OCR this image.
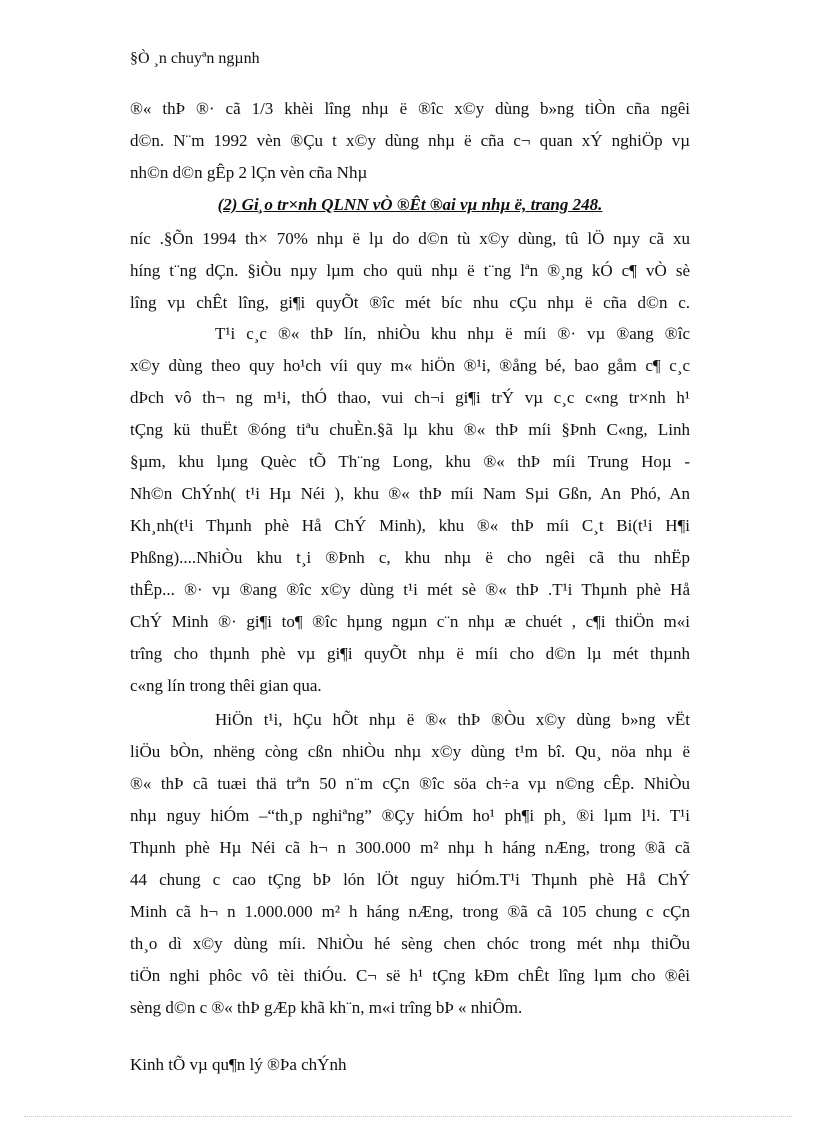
§Ò ¸n chuyªn ngµnh
®« thÞ ®· cã 1/3 khèi lîng nhµ ë ®îc x©y dùng b»ng tiÒn cña ngêi
d©n. N¨m 1992 vèn ®Çu t x©y dùng nhµ ë cña c¬ quan xÝ nghiÖp vµ
nh©n d©n gÊp 2 lÇn vèn cña Nhµ
(2) Gi¸o tr×nh QLNN vÒ ®Êt ®ai vµ nhµ ë, trang 248.
níc .§Õn 1994 th× 70% nhµ ë lµ do d©n tù x©y dùng, tû lÖ nµy cã xu
híng t¨ng dÇn. §iÒu nµy lµm cho quü nhµ ë t¨ng lªn ®¸ng kÓ c¶ vÒ sè
lîng vµ chÊt lîng, gi¶i quyÕt ®îc mét bíc nhu cÇu nhµ ë cña d©n c.
T¹i c¸c ®« thÞ lín, nhiÒu khu nhµ ë míi ®· vµ ®ang ®îc
x©y dùng theo quy ho¹ch víi quy m« hiÖn ®¹i, ®ång bé, bao gåm c¶ c¸c
dÞch vô th¬ ng m¹i, thÓ thao, vui ch¬i gi¶i trÝ vµ c¸c c«ng tr×nh h¹
tÇng kü thuËt ®óng tiªu chuÈn.§ã lµ khu ®« thÞ míi §Þnh C«ng, Linh
§µm, khu lµng Quèc tÕ Th¨ng Long, khu ®« thÞ míi Trung Hoµ -
Nh©n ChÝnh( t¹i Hµ Néi ), khu ®« thÞ míi Nam Sµi Gßn, An Phó, An
Kh¸nh(t¹i Thµnh phè Hå ChÝ Minh), khu ®« thÞ míi C¸t Bi(t¹i H¶i
Phßng)....NhiÒu khu t¸i ®Þnh c, khu nhµ ë cho ngêi cã thu nhËp
thÊp... ®· vµ ®ang ®îc x©y dùng t¹i mét sè ®« thÞ .T¹i Thµnh phè Hå
ChÝ Minh ®· gi¶i to¶ ®îc hµng ngµn c¨n nhµ æ chuét , c¶i thiÖn m«i
trîng cho thµnh phè vµ gi¶i quyÕt nhµ ë míi cho d©n lµ mét thµnh
c«ng lín trong thêi gian qua.
HiÖn t¹i, hÇu hÕt nhµ ë ®« thÞ ®Òu x©y dùng b»ng vËt
liÖu bÒn, nhëng còng cßn nhiÒu nhµ x©y dùng t¹m bî. Qu¸ nöa nhµ ë
®« thÞ cã tuæi thä trªn 50 n¨m cÇn ®îc söa ch÷a vµ n©ng cÊp. NhiÒu
nhµ nguy hiÓm –“th¸p nghiªng” ®Çy hiÓm ho¹ ph¶i ph¸ ®i lµm l¹i. T¹i
Thµnh phè Hµ Néi cã h¬ n 300.000 m² nhµ h háng nÆng, trong ®ã cã
44 chung c cao tÇng bÞ lón lÖt nguy hiÓm.T¹i Thµnh phè Hå ChÝ
Minh cã h¬ n 1.000.000 m² h háng nÆng, trong ®ã cã 105 chung c cÇn
th¸o dì x©y dùng míi. NhiÒu hé sèng chen chóc trong mét nhµ thiÕu
tiÖn nghi phôc vô tèi thiÓu. C¬ së h¹ tÇng kÐm chÊt lîng lµm cho ®êi
sèng d©n c ®« thÞ gÆp khã kh¨n, m«i trîng bÞ « nhiÔm.
Kinh tÕ vµ qu¶n lý ®Þa chÝnh
